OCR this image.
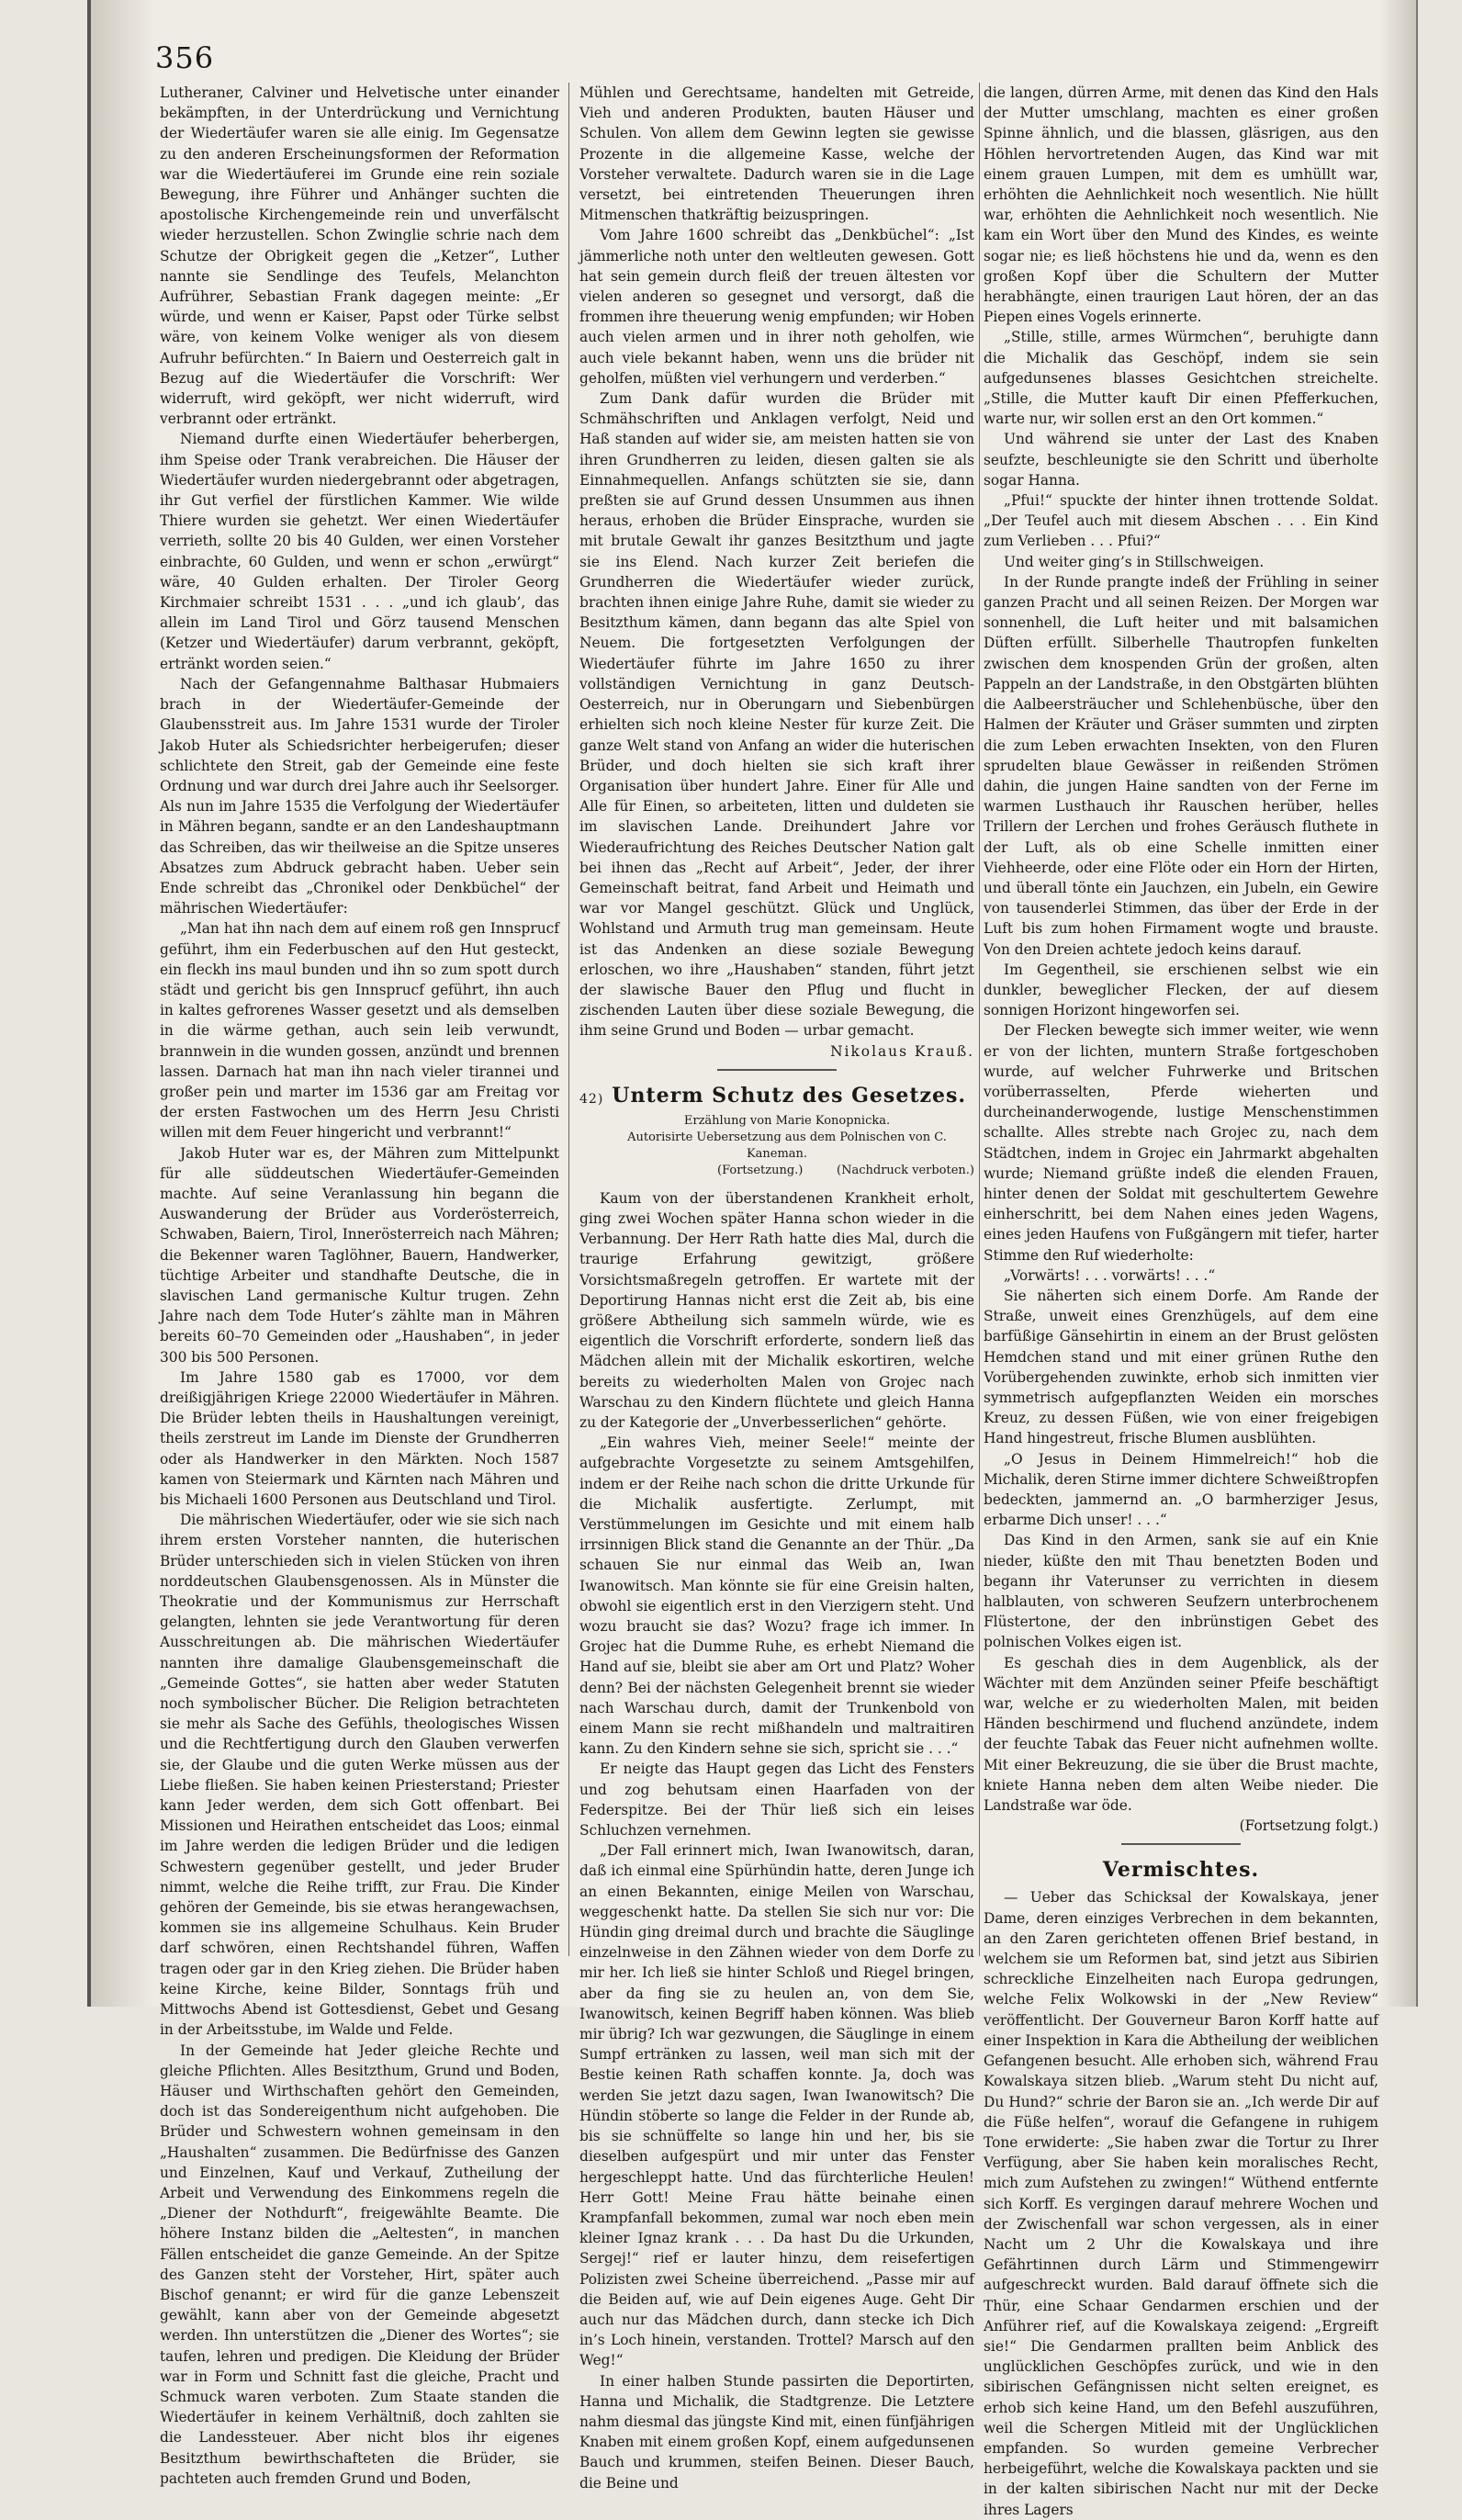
356

Lutheraner, Calviner und Helvetische unter einander bekämpften, in der Unterdrückung und Vernichtung der Wiedertäufer waren sie alle einig. Im Gegensatze zu den anderen Erscheinungsformen der Reformation war die Wiedertäuferei im Grunde eine rein soziale Bewegung, ihre Führer und Anhänger suchten die apostolische Kirchengemeinde rein und unverfälscht wieder herzustellen. Schon Zwinglie schrie nach dem Schutze der Obrigkeit gegen die „Ketzer“, Luther nannte sie Sendlinge des Teufels, Melanchton Aufrührer, Sebastian Frank dagegen meinte: „Er würde, und wenn er Kaiser, Papst oder Türke selbst wäre, von keinem Volke weniger als von diesem Aufruhr befürchten.“ In Baiern und Oesterreich galt in Bezug auf die Wiedertäufer die Vorschrift: Wer widerruft, wird geköpft, wer nicht widerruft, wird verbrannt oder ertränkt.

Niemand durfte einen Wiedertäufer beherbergen, ihm Speise oder Trank verabreichen. Die Häuser der Wiedertäufer wurden niedergebrannt oder abgetragen, ihr Gut verfiel der fürstlichen Kammer. Wie wilde Thiere wurden sie gehetzt. Wer einen Wiedertäufer verrieth, sollte 20 bis 40 Gulden, wer einen Vorsteher einbrachte, 60 Gulden, und wenn er schon „erwürgt“ wäre, 40 Gulden erhalten. Der Tiroler Georg Kirchmaier schreibt 1531 . . . „und ich glaub’, das allein im Land Tirol und Görz tausend Menschen (Ketzer und Wiedertäufer) darum verbrannt, geköpft, ertränkt worden seien.“

Nach der Gefangennahme Balthasar Hubmaiers brach in der Wiedertäufer-Gemeinde der Glaubensstreit aus. Im Jahre 1531 wurde der Tiroler Jakob Huter als Schiedsrichter herbeigerufen; dieser schlichtete den Streit, gab der Gemeinde eine feste Ordnung und war durch drei Jahre auch ihr Seelsorger. Als nun im Jahre 1535 die Verfolgung der Wiedertäufer in Mähren begann, sandte er an den Landeshauptmann das Schreiben, das wir theilweise an die Spitze unseres Absatzes zum Abdruck gebracht haben. Ueber sein Ende schreibt das „Chronikel oder Denkbüchel“ der mährischen Wiedertäufer:

„Man hat ihn nach dem auf einem roß gen Innsprucf geführt, ihm ein Federbuschen auf den Hut gesteckt, ein fleckh ins maul bunden und ihn so zum spott durch städt und gericht bis gen Innsprucf geführt, ihn auch in kaltes gefrorenes Wasser gesetzt und als demselben in die wärme gethan, auch sein leib verwundt, brannwein in die wunden gossen, anzündt und brennen lassen. Darnach hat man ihn nach vieler tirannei und großer pein und marter im 1536 gar am Freitag vor der ersten Fastwochen um des Herrn Jesu Christi willen mit dem Feuer hingericht und verbrannt!“

Jakob Huter war es, der Mähren zum Mittelpunkt für alle süddeutschen Wiedertäufer-Gemeinden machte. Auf seine Veranlassung hin begann die Auswanderung der Brüder aus Vorderösterreich, Schwaben, Baiern, Tirol, Innerösterreich nach Mähren; die Bekenner waren Taglöhner, Bauern, Handwerker, tüchtige Arbeiter und standhafte Deutsche, die in slavischen Land germanische Kultur trugen. Zehn Jahre nach dem Tode Huter’s zählte man in Mähren bereits 60–70 Gemeinden oder „Haushaben“, in jeder 300 bis 500 Personen.

Im Jahre 1580 gab es 17000, vor dem dreißigjährigen Kriege 22000 Wiedertäufer in Mähren. Die Brüder lebten theils in Haushaltungen vereinigt, theils zerstreut im Lande im Dienste der Grundherren oder als Handwerker in den Märkten. Noch 1587 kamen von Steiermark und Kärnten nach Mähren und bis Michaeli 1600 Personen aus Deutschland und Tirol.

Die mährischen Wiedertäufer, oder wie sie sich nach ihrem ersten Vorsteher nannten, die huterischen Brüder unterschieden sich in vielen Stücken von ihren norddeutschen Glaubensgenossen. Als in Münster die Theokratie und der Kommunismus zur Herrschaft gelangten, lehnten sie jede Verantwortung für deren Ausschreitungen ab. Die mährischen Wiedertäufer nannten ihre damalige Glaubensgemeinschaft die „Gemeinde Gottes“, sie hatten aber weder Statuten noch symbolischer Bücher. Die Religion betrachteten sie mehr als Sache des Gefühls, theologisches Wissen und die Rechtfertigung durch den Glauben verwerfen sie, der Glaube und die guten Werke müssen aus der Liebe fließen. Sie haben keinen Priesterstand; Priester kann Jeder werden, dem sich Gott offenbart. Bei Missionen und Heirathen entscheidet das Loos; einmal im Jahre werden die ledigen Brüder und die ledigen Schwestern gegenüber gestellt, und jeder Bruder nimmt, welche die Reihe trifft, zur Frau. Die Kinder gehören der Gemeinde, bis sie etwas herangewachsen, kommen sie ins allgemeine Schulhaus. Kein Bruder darf schwören, einen Rechtshandel führen, Waffen tragen oder gar in den Krieg ziehen. Die Brüder haben keine Kirche, keine Bilder, Sonntags früh und Mittwochs Abend ist Gottesdienst, Gebet und Gesang in der Arbeitsstube, im Walde und Felde.

In der Gemeinde hat Jeder gleiche Rechte und gleiche Pflichten. Alles Besitzthum, Grund und Boden, Häuser und Wirthschaften gehört den Gemeinden, doch ist das Sondereigenthum nicht aufgehoben. Die Brüder und Schwestern wohnen gemeinsam in den „Haushalten“ zusammen. Die Bedürfnisse des Ganzen und Einzelnen, Kauf und Verkauf, Zutheilung der Arbeit und Verwendung des Einkommens regeln die „Diener der Nothdurft“, freigewählte Beamte. Die höhere Instanz bilden die „Aeltesten“, in manchen Fällen entscheidet die ganze Gemeinde. An der Spitze des Ganzen steht der Vorsteher, Hirt, später auch Bischof genannt; er wird für die ganze Lebenszeit gewählt, kann aber von der Gemeinde abgesetzt werden. Ihn unterstützen die „Diener des Wortes“; sie taufen, lehren und predigen. Die Kleidung der Brüder war in Form und Schnitt fast die gleiche, Pracht und Schmuck waren verboten. Zum Staate standen die Wiedertäufer in keinem Verhältniß, doch zahlten sie die Landessteuer. Aber nicht blos ihr eigenes Besitzthum bewirthschafteten die Brüder, sie pachteten auch fremden Grund und Boden,

Mühlen und Gerechtsame, handelten mit Getreide, Vieh und anderen Produkten, bauten Häuser und Schulen. Von allem dem Gewinn legten sie gewisse Prozente in die allgemeine Kasse, welche der Vorsteher verwaltete. Dadurch waren sie in die Lage versetzt, bei eintretenden Theuerungen ihren Mitmenschen thatkräftig beizuspringen.

Vom Jahre 1600 schreibt das „Denkbüchel“: „Ist jämmerliche noth unter den weltleuten gewesen. Gott hat sein gemein durch fleiß der treuen ältesten vor vielen anderen so gesegnet und versorgt, daß die frommen ihre theuerung wenig empfunden; wir Hoben auch vielen armen und in ihrer noth geholfen, wie auch viele bekannt haben, wenn uns die brüder nit geholfen, müßten viel verhungern und verderben.“

Zum Dank dafür wurden die Brüder mit Schmähschriften und Anklagen verfolgt, Neid und Haß standen auf wider sie, am meisten hatten sie von ihren Grundherren zu leiden, diesen galten sie als Einnahmequellen. Anfangs schützten sie sie, dann preßten sie auf Grund dessen Unsummen aus ihnen heraus, erhoben die Brüder Einsprache, wurden sie mit brutale Gewalt ihr ganzes Besitzthum und jagte sie ins Elend. Nach kurzer Zeit beriefen die Grundherren die Wiedertäufer wieder zurück, brachten ihnen einige Jahre Ruhe, damit sie wieder zu Besitzthum kämen, dann begann das alte Spiel von Neuem. Die fortgesetzten Verfolgungen der Wiedertäufer führte im Jahre 1650 zu ihrer vollständigen Vernichtung in ganz Deutsch-Oesterreich, nur in Oberungarn und Siebenbürgen erhielten sich noch kleine Nester für kurze Zeit. Die ganze Welt stand von Anfang an wider die huterischen Brüder, und doch hielten sie sich kraft ihrer Organisation über hundert Jahre. Einer für Alle und Alle für Einen, so arbeiteten, litten und duldeten sie im slavischen Lande. Dreihundert Jahre vor Wiederaufrichtung des Reiches Deutscher Nation galt bei ihnen das „Recht auf Arbeit“, Jeder, der ihrer Gemeinschaft beitrat, fand Arbeit und Heimath und war vor Mangel geschützt. Glück und Unglück, Wohlstand und Armuth trug man gemeinsam. Heute ist das Andenken an diese soziale Bewegung erloschen, wo ihre „Haushaben“ standen, führt jetzt der slawische Bauer den Pflug und flucht in zischenden Lauten über diese soziale Bewegung, die ihm seine Grund und Boden — urbar gemacht.

Nikolaus Krauß.

42) Unterm Schutz des Gesetzes.

Erzählung von Marie Konopnicka.

Autorisirte Uebersetzung aus dem Polnischen von C. Kaneman.

(Fortsetzung.)	(Nachdruck verboten.)

Kaum von der überstandenen Krankheit erholt, ging zwei Wochen später Hanna schon wieder in die Verbannung. Der Herr Rath hatte dies Mal, durch die traurige Erfahrung gewitzigt, größere Vorsichtsmaßregeln getroffen. Er wartete mit der Deportirung Hannas nicht erst die Zeit ab, bis eine größere Abtheilung sich sammeln würde, wie es eigentlich die Vorschrift erforderte, sondern ließ das Mädchen allein mit der Michalik eskortiren, welche bereits zu wiederholten Malen von Grojec nach Warschau zu den Kindern flüchtete und gleich Hanna zu der Kategorie der „Unverbesserlichen“ gehörte.

„Ein wahres Vieh, meiner Seele!“ meinte der aufgebrachte Vorgesetzte zu seinem Amtsgehilfen, indem er der Reihe nach schon die dritte Urkunde für die Michalik ausfertigte. Zerlumpt, mit Verstümmelungen im Gesichte und mit einem halb irrsinnigen Blick stand die Genannte an der Thür. „Da schauen Sie nur einmal das Weib an, Iwan Iwanowitsch. Man könnte sie für eine Greisin halten, obwohl sie eigentlich erst in den Vierzigern steht. Und wozu braucht sie das? Wozu? frage ich immer. In Grojec hat die Dumme Ruhe, es erhebt Niemand die Hand auf sie, bleibt sie aber am Ort und Platz? Woher denn? Bei der nächsten Gelegenheit brennt sie wieder nach Warschau durch, damit der Trunkenbold von einem Mann sie recht mißhandeln und maltraitiren kann. Zu den Kindern sehne sie sich, spricht sie . . .“

Er neigte das Haupt gegen das Licht des Fensters und zog behutsam einen Haarfaden von der Federspitze. Bei der Thür ließ sich ein leises Schluchzen vernehmen.

„Der Fall erinnert mich, Iwan Iwanowitsch, daran, daß ich einmal eine Spürhündin hatte, deren Junge ich an einen Bekannten, einige Meilen von Warschau, weggeschenkt hatte. Da stellen Sie sich nur vor: Die Hündin ging dreimal durch und brachte die Säuglinge einzelnweise in den Zähnen wieder von dem Dorfe zu mir her. Ich ließ sie hinter Schloß und Riegel bringen, aber da fing sie zu heulen an, von dem Sie, Iwanowitsch, keinen Begriff haben können. Was blieb mir übrig? Ich war gezwungen, die Säuglinge in einem Sumpf ertränken zu lassen, weil man sich mit der Bestie keinen Rath schaffen konnte. Ja, doch was werden Sie jetzt dazu sagen, Iwan Iwanowitsch? Die Hündin stöberte so lange die Felder in der Runde ab, bis sie schnüffelte so lange hin und her, bis sie dieselben aufgespürt und mir unter das Fenster hergeschleppt hatte. Und das fürchterliche Heulen! Herr Gott! Meine Frau hätte beinahe einen Krampfanfall bekommen, zumal war noch eben mein kleiner Ignaz krank . . . Da hast Du die Urkunden, Sergej!“ rief er lauter hinzu, dem reisefertigen Polizisten zwei Scheine überreichend. „Passe mir auf die Beiden auf, wie auf Dein eigenes Auge. Geht Dir auch nur das Mädchen durch, dann stecke ich Dich in’s Loch hinein, verstanden. Trottel? Marsch auf den Weg!“

In einer halben Stunde passirten die Deportirten, Hanna und Michalik, die Stadtgrenze. Die Letztere nahm diesmal das jüngste Kind mit, einen fünfjährigen Knaben mit einem großen Kopf, einem aufgedunsenen Bauch und krummen, steifen Beinen. Dieser Bauch, die Beine und

die langen, dürren Arme, mit denen das Kind den Hals der Mutter umschlang, machten es einer großen Spinne ähnlich, und die blassen, gläsrigen, aus den Höhlen hervortretenden Augen, das Kind war mit einem grauen Lumpen, mit dem es umhüllt war, erhöhten die Aehnlichkeit noch wesentlich. Nie hüllt war, erhöhten die Aehnlichkeit noch wesentlich. Nie kam ein Wort über den Mund des Kindes, es weinte sogar nie; es ließ höchstens hie und da, wenn es den großen Kopf über die Schultern der Mutter herabhängte, einen traurigen Laut hören, der an das Piepen eines Vogels erinnerte.

„Stille, stille, armes Würmchen“, beruhigte dann die Michalik das Geschöpf, indem sie sein aufgedunsenes blasses Gesichtchen streichelte. „Stille, die Mutter kauft Dir einen Pfefferkuchen, warte nur, wir sollen erst an den Ort kommen.“

Und während sie unter der Last des Knaben seufzte, beschleunigte sie den Schritt und überholte sogar Hanna.

„Pfui!“ spuckte der hinter ihnen trottende Soldat. „Der Teufel auch mit diesem Abschen . . . Ein Kind zum Verlieben . . . Pfui?“

Und weiter ging’s in Stillschweigen.

In der Runde prangte indeß der Frühling in seiner ganzen Pracht und all seinen Reizen. Der Morgen war sonnenhell, die Luft heiter und mit balsamichen Düften erfüllt. Silberhelle Thautropfen funkelten zwischen dem knospenden Grün der großen, alten Pappeln an der Landstraße, in den Obstgärten blühten die Aalbeersträucher und Schlehenbüsche, über den Halmen der Kräuter und Gräser summten und zirpten die zum Leben erwachten Insekten, von den Fluren sprudelten blaue Gewässer in reißenden Strömen dahin, die jungen Haine sandten von der Ferne im warmen Lusthauch ihr Rauschen herüber, helles Trillern der Lerchen und frohes Geräusch fluthete in der Luft, als ob eine Schelle inmitten einer Viehheerde, oder eine Flöte oder ein Horn der Hirten, und überall tönte ein Jauchzen, ein Jubeln, ein Gewire von tausenderlei Stimmen, das über der Erde in der Luft bis zum hohen Firmament wogte und brauste. Von den Dreien achtete jedoch keins darauf.

Im Gegentheil, sie erschienen selbst wie ein dunkler, beweglicher Flecken, der auf diesem sonnigen Horizont hingeworfen sei.

Der Flecken bewegte sich immer weiter, wie wenn er von der lichten, muntern Straße fortgeschoben wurde, auf welcher Fuhrwerke und Britschen vorüberrasselten, Pferde wieherten und durcheinanderwogende, lustige Menschenstimmen schallte. Alles strebte nach Grojec zu, nach dem Städtchen, indem in Grojec ein Jahrmarkt abgehalten wurde; Niemand grüßte indeß die elenden Frauen, hinter denen der Soldat mit geschultertem Gewehre einherschritt, bei dem Nahen eines jeden Wagens, eines jeden Haufens von Fußgängern mit tiefer, harter Stimme den Ruf wiederholte:

„Vorwärts! . . . vorwärts! . . .“

Sie näherten sich einem Dorfe. Am Rande der Straße, unweit eines Grenzhügels, auf dem eine barfüßige Gänsehirtin in einem an der Brust gelösten Hemdchen stand und mit einer grünen Ruthe den Vorübergehenden zuwinkte, erhob sich inmitten vier symmetrisch aufgepflanzten Weiden ein morsches Kreuz, zu dessen Füßen, wie von einer freigebigen Hand hingestreut, frische Blumen ausblühten.

„O Jesus in Deinem Himmelreich!“ hob die Michalik, deren Stirne immer dichtere Schweißtropfen bedeckten, jammernd an. „O barmherziger Jesus, erbarme Dich unser! . . .“

Das Kind in den Armen, sank sie auf ein Knie nieder, küßte den mit Thau benetzten Boden und begann ihr Vaterunser zu verrichten in diesem halblauten, von schweren Seufzern unterbrochenem Flüstertone, der den inbrünstigen Gebet des polnischen Volkes eigen ist.

Es geschah dies in dem Augenblick, als der Wächter mit dem Anzünden seiner Pfeife beschäftigt war, welche er zu wiederholten Malen, mit beiden Händen beschirmend und fluchend anzündete, indem der feuchte Tabak das Feuer nicht aufnehmen wollte. Mit einer Bekreuzung, die sie über die Brust machte, kniete Hanna neben dem alten Weibe nieder. Die Landstraße war öde.

(Fortsetzung folgt.)

Vermischtes.

— Ueber das Schicksal der Kowalskaya, jener Dame, deren einziges Verbrechen in dem bekannten, an den Zaren gerichteten offenen Brief bestand, in welchem sie um Reformen bat, sind jetzt aus Sibirien schreckliche Einzelheiten nach Europa gedrungen, welche Felix Wolkowski in der „New Review“ veröffentlicht. Der Gouverneur Baron Korff hatte auf einer Inspektion in Kara die Abtheilung der weiblichen Gefangenen besucht. Alle erhoben sich, während Frau Kowalskaya sitzen blieb. „Warum steht Du nicht auf, Du Hund?“ schrie der Baron sie an. „Ich werde Dir auf die Füße helfen“, worauf die Gefangene in ruhigem Tone erwiderte: „Sie haben zwar die Tortur zu Ihrer Verfügung, aber Sie haben kein moralisches Recht, mich zum Aufstehen zu zwingen!“ Wüthend entfernte sich Korff. Es vergingen darauf mehrere Wochen und der Zwischenfall war schon vergessen, als in einer Nacht um 2 Uhr die Kowalskaya und ihre Gefährtinnen durch Lärm und Stimmengewirr aufgeschreckt wurden. Bald darauf öffnete sich die Thür, eine Schaar Gendarmen erschien und der Anführer rief, auf die Kowalskaya zeigend: „Ergreift sie!“ Die Gendarmen prallten beim Anblick des unglücklichen Geschöpfes zurück, und wie in den sibirischen Gefängnissen nicht selten ereignet, es erhob sich keine Hand, um den Befehl auszuführen, weil die Schergen Mitleid mit der Unglücklichen empfanden. So wurden gemeine Verbrecher herbeigeführt, welche die Kowalskaya packten und sie in der kalten sibirischen Nacht nur mit der Decke ihres Lagers
